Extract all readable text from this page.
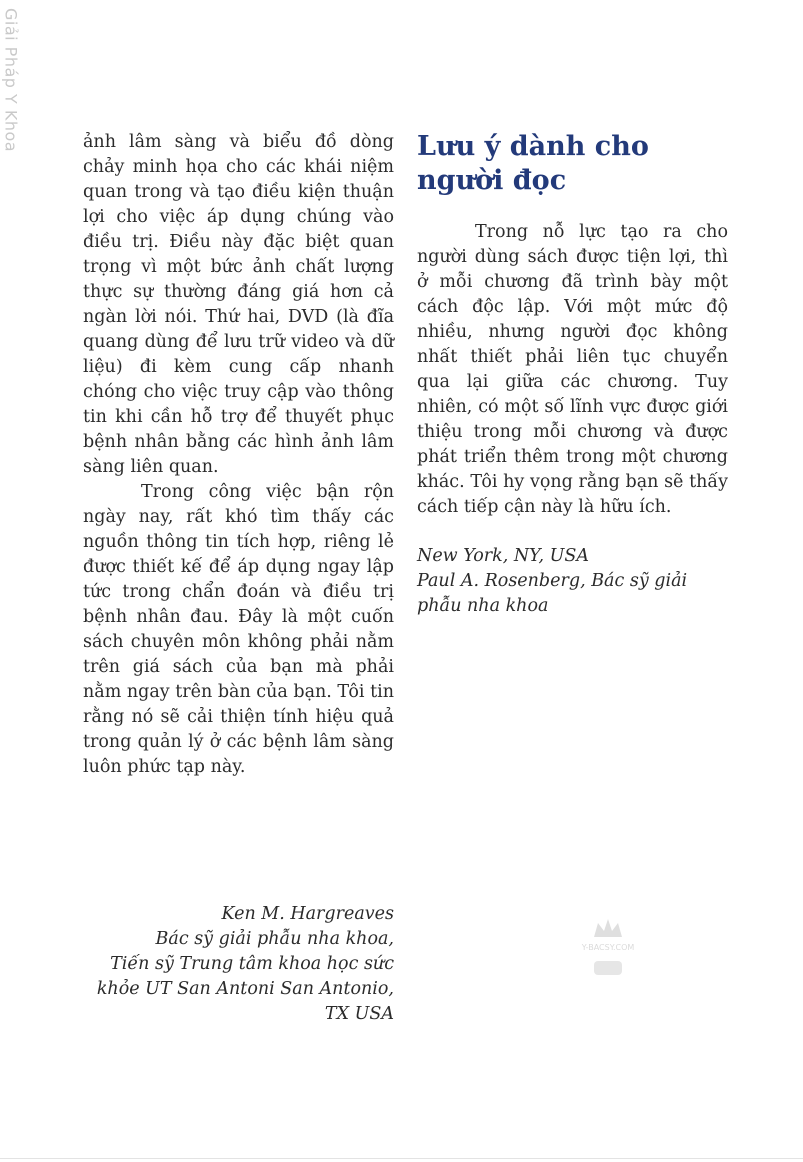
Giải Pháp Y Khoa	ảnh lâm sàng và biểu đồ dòng chảy minh họa cho các khái niệm quan trong và tạo điều kiện thuận lợi cho việc áp dụng chúng vào điều trị. Điều này đặc biệt quan trọng vì một bức ảnh chất lượng thực sự thường đáng giá hơn cả ngàn lời nói. Thứ hai, DVD (là đĩa quang dùng để lưu trữ video và dữ liệu) đi kèm cung cấp nhanh chóng cho việc truy cập vào thông tin khi cần hỗ trợ để thuyết phục bệnh nhân bằng các hình ảnh lâm sàng liên quan.

Trong công việc bận rộn ngày nay, rất khó tìm thấy các nguồn thông tin tích hợp, riêng lẻ được thiết kế để áp dụng ngay lập tức trong chẩn đoán và điều trị bệnh nhân đau. Đây là một cuốn sách chuyên môn không phải nằm trên giá sách của bạn mà phải nằm ngay trên bàn của bạn. Tôi tin rằng nó sẽ cải thiện tính hiệu quả trong quản lý ở các bệnh lâm sàng luôn phức tạp này.

Ken M. Hargreaves
Bác sỹ giải phẫu nha khoa,
Tiến sỹ Trung tâm khoa học sức khỏe UT San Antoni San Antonio, TX USA
Lưu ý dành cho người đọc

Trong nỗ lực tạo ra cho người dùng sách được tiện lợi, thì ở mỗi chương đã trình bày một cách độc lập. Với một mức độ nhiều, nhưng người đọc không nhất thiết phải liên tục chuyển qua lại giữa các chương. Tuy nhiên, có một số lĩnh vực được giới thiệu trong mỗi chương và được phát triển thêm trong một chương khác. Tôi hy vọng rằng bạn sẽ thấy cách tiếp cận này là hữu ích.

New York, NY, USA
Paul A. Rosenberg, Bác sỹ giải phẫu nha khoa
Y-BACSY.COM
